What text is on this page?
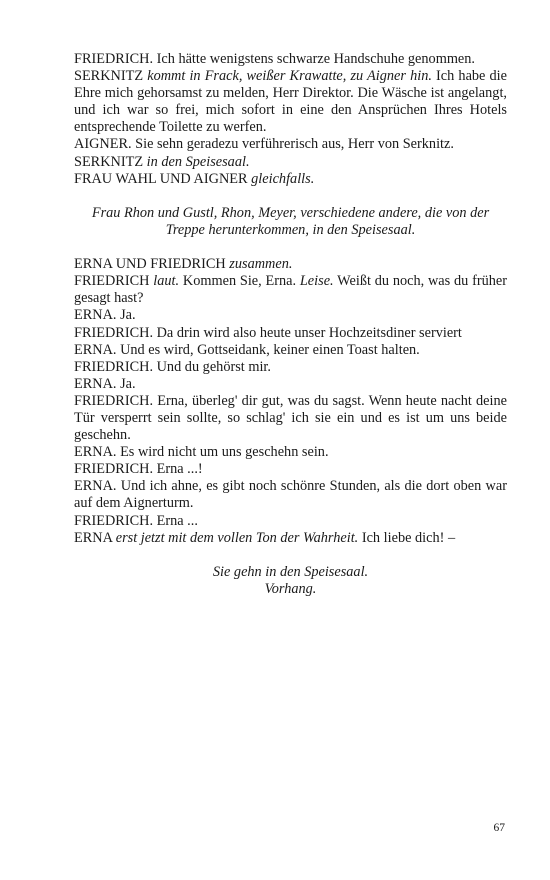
FRIEDRICH. Ich hätte wenigstens schwarze Handschuhe genommen.

SERKNITZ kommt in Frack, weißer Krawatte, zu Aigner hin. Ich habe die Ehre mich gehorsamst zu melden, Herr Direktor. Die Wäsche ist angelangt, und ich war so frei, mich sofort in eine den Ansprüchen Ihres Hotels entsprechende Toilette zu werfen.

AIGNER. Sie sehn geradezu verführerisch aus, Herr von Serknitz.

SERKNITZ in den Speisesaal.

FRAU WAHL UND AIGNER gleichfalls.

Frau Rhon und Gustl, Rhon, Meyer, verschiedene andere, die von der
Treppe herunterkommen, in den Speisesaal.

ERNA UND FRIEDRICH zusammen.

FRIEDRICH laut. Kommen Sie, Erna. Leise. Weißt du noch, was du früher gesagt hast?

ERNA. Ja.

FRIEDRICH. Da drin wird also heute unser Hochzeitsdiner serviert

ERNA. Und es wird, Gottseidank, keiner einen Toast halten.

FRIEDRICH. Und du gehörst mir.

ERNA. Ja.

FRIEDRICH. Erna, überleg' dir gut, was du sagst. Wenn heute nacht deine Tür versperrt sein sollte, so schlag' ich sie ein und es ist um uns beide geschehn.

ERNA. Es wird nicht um uns geschehn sein.

FRIEDRICH. Erna ...!

ERNA. Und ich ahne, es gibt noch schönre Stunden, als die dort oben war auf dem Aignerturm.

FRIEDRICH. Erna ...

ERNA erst jetzt mit dem vollen Ton der Wahrheit. Ich liebe dich! –

Sie gehn in den Speisesaal.
Vorhang.
67
